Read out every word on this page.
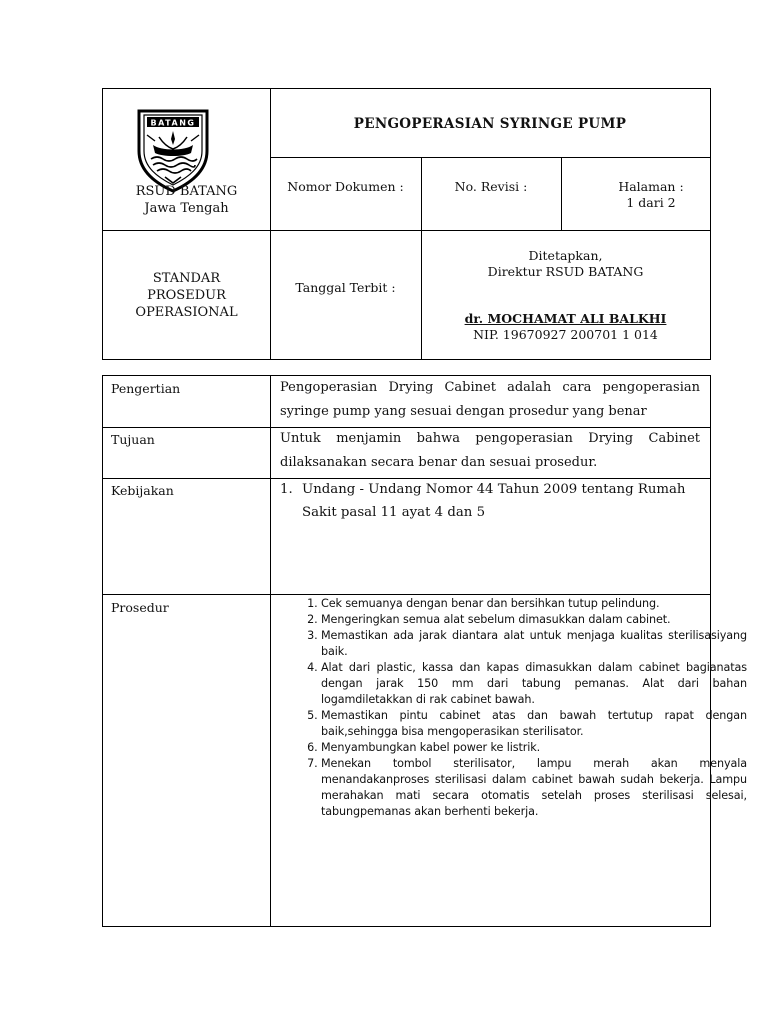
BATANG
RSUD BATANG
Jawa Tengah
PENGOPERASIAN SYRINGE PUMP
Nomor Dokumen :	No. Revisi :	Halaman :
1 dari 2
STANDAR
PROSEDUR
OPERASIONAL
Tanggal Terbit :
Ditetapkan,
Direktur RSUD BATANG
dr. MOCHAMAT ALI BALKHI
NIP. 19670927 200701 1 014
Pengertian	Pengoperasian Drying Cabinet adalah cara pengoperasian
syringe pump yang sesuai dengan prosedur yang benar
Tujuan	Untuk menjamin bahwa pengoperasian Drying Cabinet
dilaksanakan secara benar dan sesuai prosedur.
Kebijakan	1. Undang - Undang Nomor 44 Tahun 2009 tentang Rumah
Sakit pasal 11 ayat 4 dan 5
Prosedur
1.	Cek semuanya dengan benar dan bersihkan tutup pelindung.
2. Mengeringkan semua alat sebelum dimasukkan dalam cabinet.
3. Memastikan ada jarak diantara alat untuk menjaga kualitas sterilisasiyang baik.
4. Alat dari plastic, kassa dan kapas dimasukkan dalam cabinet bagianatas dengan jarak 150 mm dari tabung pemanas. Alat dari bahan logamdiletakkan di rak cabinet bawah.
5. Memastikan pintu cabinet atas dan bawah tertutup rapat dengan baik,sehingga bisa mengoperasikan sterilisator.
6. Menyambungkan kabel power ke listrik.
7. Menekan tombol sterilisator, lampu merah akan menyala menandakanproses sterilisasi dalam cabinet bawah sudah bekerja. Lampu merahakan mati secara otomatis setelah proses sterilisasi selesai, tabungpemanas akan berhenti bekerja.
